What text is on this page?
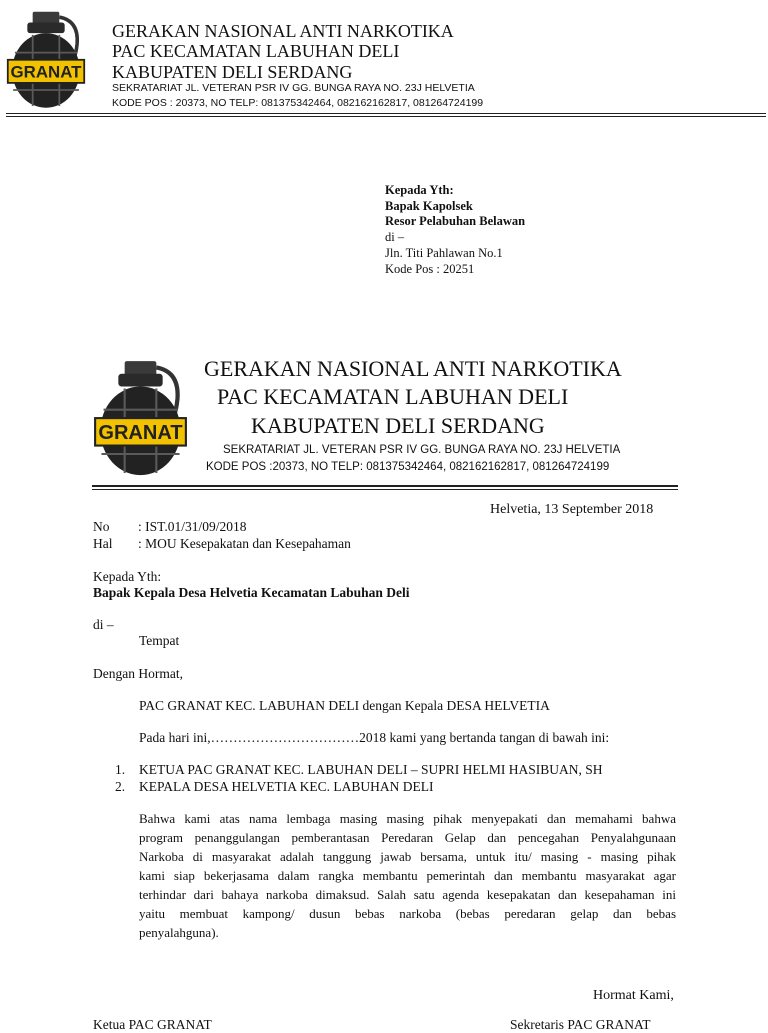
GRANAT
GERAKAN NASIONAL ANTI NARKOTIKA
PAC KECAMATAN LABUHAN DELI
KABUPATEN DELI SERDANG
SEKRATARIAT JL. VETERAN PSR IV GG. BUNGA RAYA NO. 23J HELVETIA
KODE POS : 20373, NO TELP: 081375342464, 082162162817, 081264724199
Kepada Yth:
Bapak Kapolsek
Resor Pelabuhan Belawan
di –
Jln. Titi Pahlawan No.1
Kode Pos : 20251
GRANAT
GERAKAN NASIONAL ANTI NARKOTIKA
PAC KECAMATAN LABUHAN DELI
KABUPATEN DELI SERDANG
SEKRATARIAT JL. VETERAN PSR IV GG. BUNGA RAYA NO. 23J HELVETIA
KODE POS :20373, NO TELP: 081375342464, 082162162817, 081264724199
Helvetia, 13 September 2018
No : IST.01/31/09/2018
Hal : MOU Kesepakatan dan Kesepahaman
Kepada Yth:
Bapak Kepala Desa Helvetia Kecamatan Labuhan Deli
di –
Tempat
Dengan Hormat,
PAC GRANAT KEC. LABUHAN DELI dengan Kepala DESA HELVETIA
Pada hari ini,……………………………2018 kami yang bertanda tangan di bawah ini:
1. KETUA PAC GRANAT KEC. LABUHAN DELI – SUPRI HELMI HASIBUAN, SH
2. KEPALA DESA HELVETIA KEC. LABUHAN DELI
Bahwa kami atas nama lembaga masing masing pihak menyepakati dan memahami bahwa
program penanggulangan pemberantasan Peredaran Gelap dan pencegahan Penyalahgunaan
Narkoba di masyarakat adalah tanggung jawab bersama, untuk itu/ masing - masing pihak
kami siap bekerjasama dalam rangka membantu pemerintah dan membantu masyarakat agar
terhindar dari bahaya narkoba dimaksud. Salah satu agenda kesepakatan dan kesepahaman ini
yaitu membuat kampong/ dusun bebas narkoba (bebas peredaran gelap dan bebas
penyalahguna).
Hormat Kami,
Ketua PAC GRANAT	Sekretaris PAC GRANAT
